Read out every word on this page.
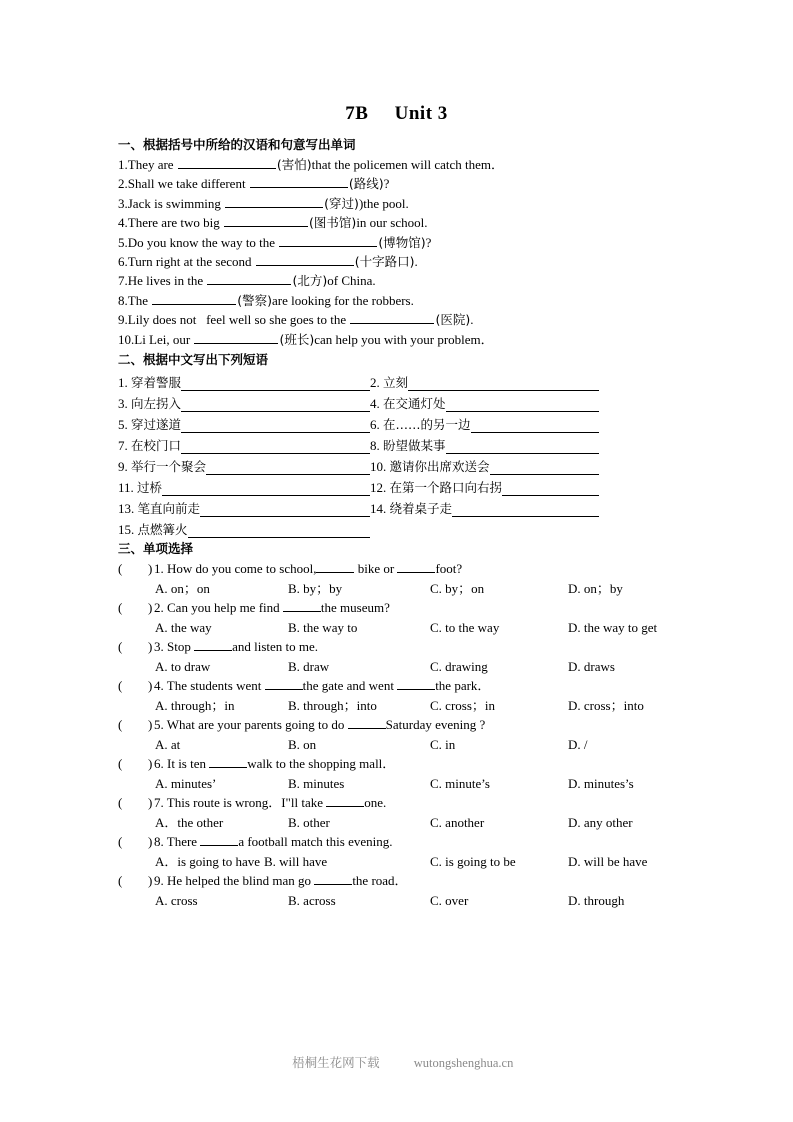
7B     Unit 3
一、根据括号中所给的汉语和句意写出单词
1.They are	(害怕)that the policemen will catch them．
2.Shall we take different	(路线)?
3.Jack is swimming	(穿过))the pool.
4.There are two big	(图书馆)in our school.
5.Do you know the way to the	(博物馆)?
6.Turn right at the second	(十字路口).
7.He lives in the	(北方)of China.
8.The	(警察)are looking for the robbers.
9.Lily does not   feel well so she goes to the	(医院).
10.Li Lei, our	(班长)can help you with your problem．
二、根据中文写出下列短语
1. 穿着警服	2. 立刻
3. 向左拐入	4. 在交通灯处
5. 穿过遂道	6. 在……的另一边
7. 在校门口	8. 盼望做某事
9. 举行一个聚会	10. 邀请你出席欢送会
11. 过桥	12. 在第一个路口向右拐
13. 笔直向前走	14. 绕着桌子走
15. 点燃篝火
三、单项选择
( ) 1. How do you come to school,	bike or	foot?
A. on；on	B. by；by	C. by；on	D. on；by
( ) 2. Can you help me find	the museum?
A. the way	B. the way to	C. to the way	D. the way to get
( ) 3. Stop	and listen to me.
A. to draw	B. draw	C. drawing	D. draws
( ) 4. The students went	the gate and went	the park．
A. through；in	B. through；into	C. cross；in	D. cross；into
( ) 5. What are your parents going to do	Saturday evening ?
A. at	B. on	C. in	D. /
( ) 6. It is ten	walk to the shopping mall．
A. minutes’	B. minutes	C. minute’s	D. minutes’s
( ) 7. This route is wrong．I"ll take	one.
A．the other	B. other	C. another	D. any other
( ) 8. There	a football match this evening.
A．is going to have B. will have	C. is going to be	D. will be have
( ) 9. He helped the blind man go	the road．
A. cross	B. across	C. over	D. through

梧桐生花网下载	wutongshenghua.cn
